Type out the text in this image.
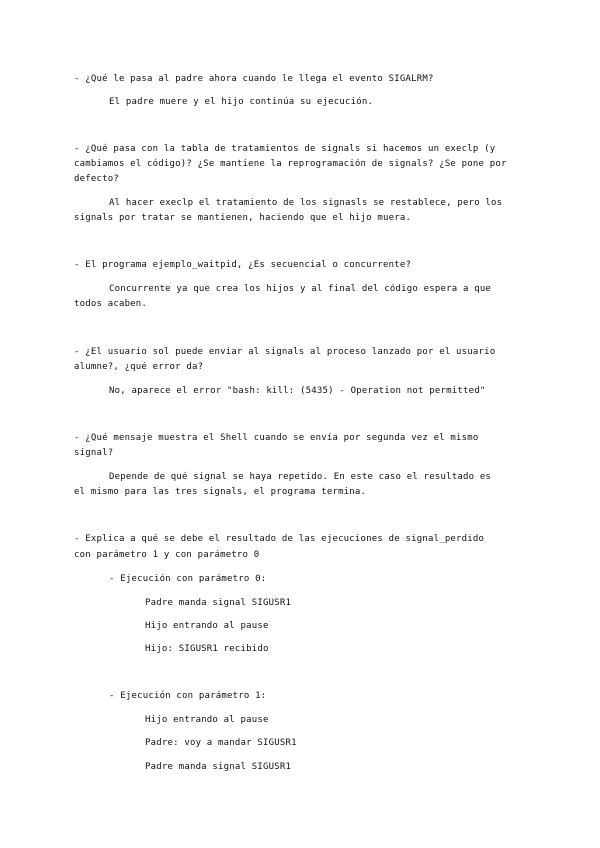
- ¿Qué le pasa al padre ahora cuando le llega el evento SIGALRM?
El padre muere y el hijo continúa su ejecución.
- ¿Qué pasa con la tabla de tratamientos de signals si hacemos un execlp (y
cambiamos el código)? ¿Se mantiene la reprogramación de signals? ¿Se pone por
defecto?
Al hacer execlp el tratamiento de los signasls se restablece, pero los
signals por tratar se mantienen, haciendo que el hijo muera.
- El programa ejemplo_waitpid, ¿Es secuencial o concurrente?
Concurrente ya que crea los hijos y al final del código espera a que
todos acaben.
- ¿El usuario sol puede enviar al signals al proceso lanzado por el usuario
alumne?, ¿qué error da?
No, aparece el error "bash: kill: (5435) - Operation not permitted"
- ¿Qué mensaje muestra el Shell cuando se envía por segunda vez el mismo
signal?
Depende de qué signal se haya repetido. En este caso el resultado es
el mismo para las tres signals, el programa termina.
- Explica a qué se debe el resultado de las ejecuciones de signal_perdido
con parámetro 1 y con parámetro 0
- Ejecución con parámetro 0:
Padre manda signal SIGUSR1
Hijo entrando al pause
Hijo: SIGUSR1 recibido
- Ejecución con parámetro 1:
Hijo entrando al pause
Padre: voy a mandar SIGUSR1
Padre manda signal SIGUSR1
